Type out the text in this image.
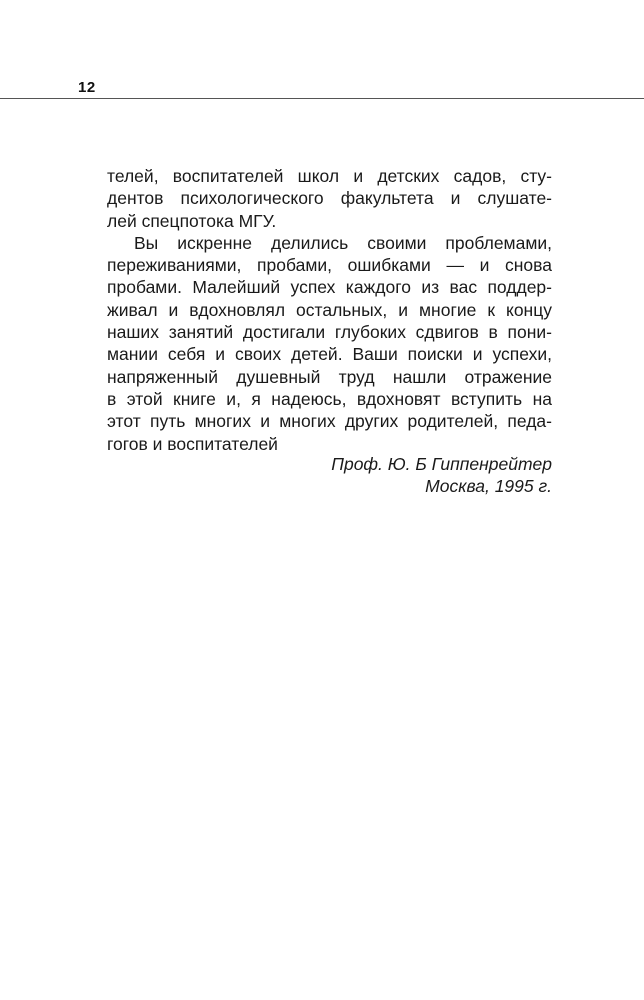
12
телей, воспитателей школ и детских садов, сту-
дентов психологического факультета и слушате-
лей спецпотока МГУ.
Вы искренне делились своими проблемами,
переживаниями, пробами, ошибками — и снова
пробами. Малейший успех каждого из вас поддер-
живал и вдохновлял остальных, и многие к концу
наших занятий достигали глубоких сдвигов в пони-
мании себя и своих детей. Ваши поиски и успехи,
напряженный душевный труд нашли отражение
в этой книге и, я надеюсь, вдохновят вступить на
этот путь многих и многих других родителей, педа-
гогов и воспитателей
Проф. Ю. Б Гиппенрейтер
Москва, 1995 г.
